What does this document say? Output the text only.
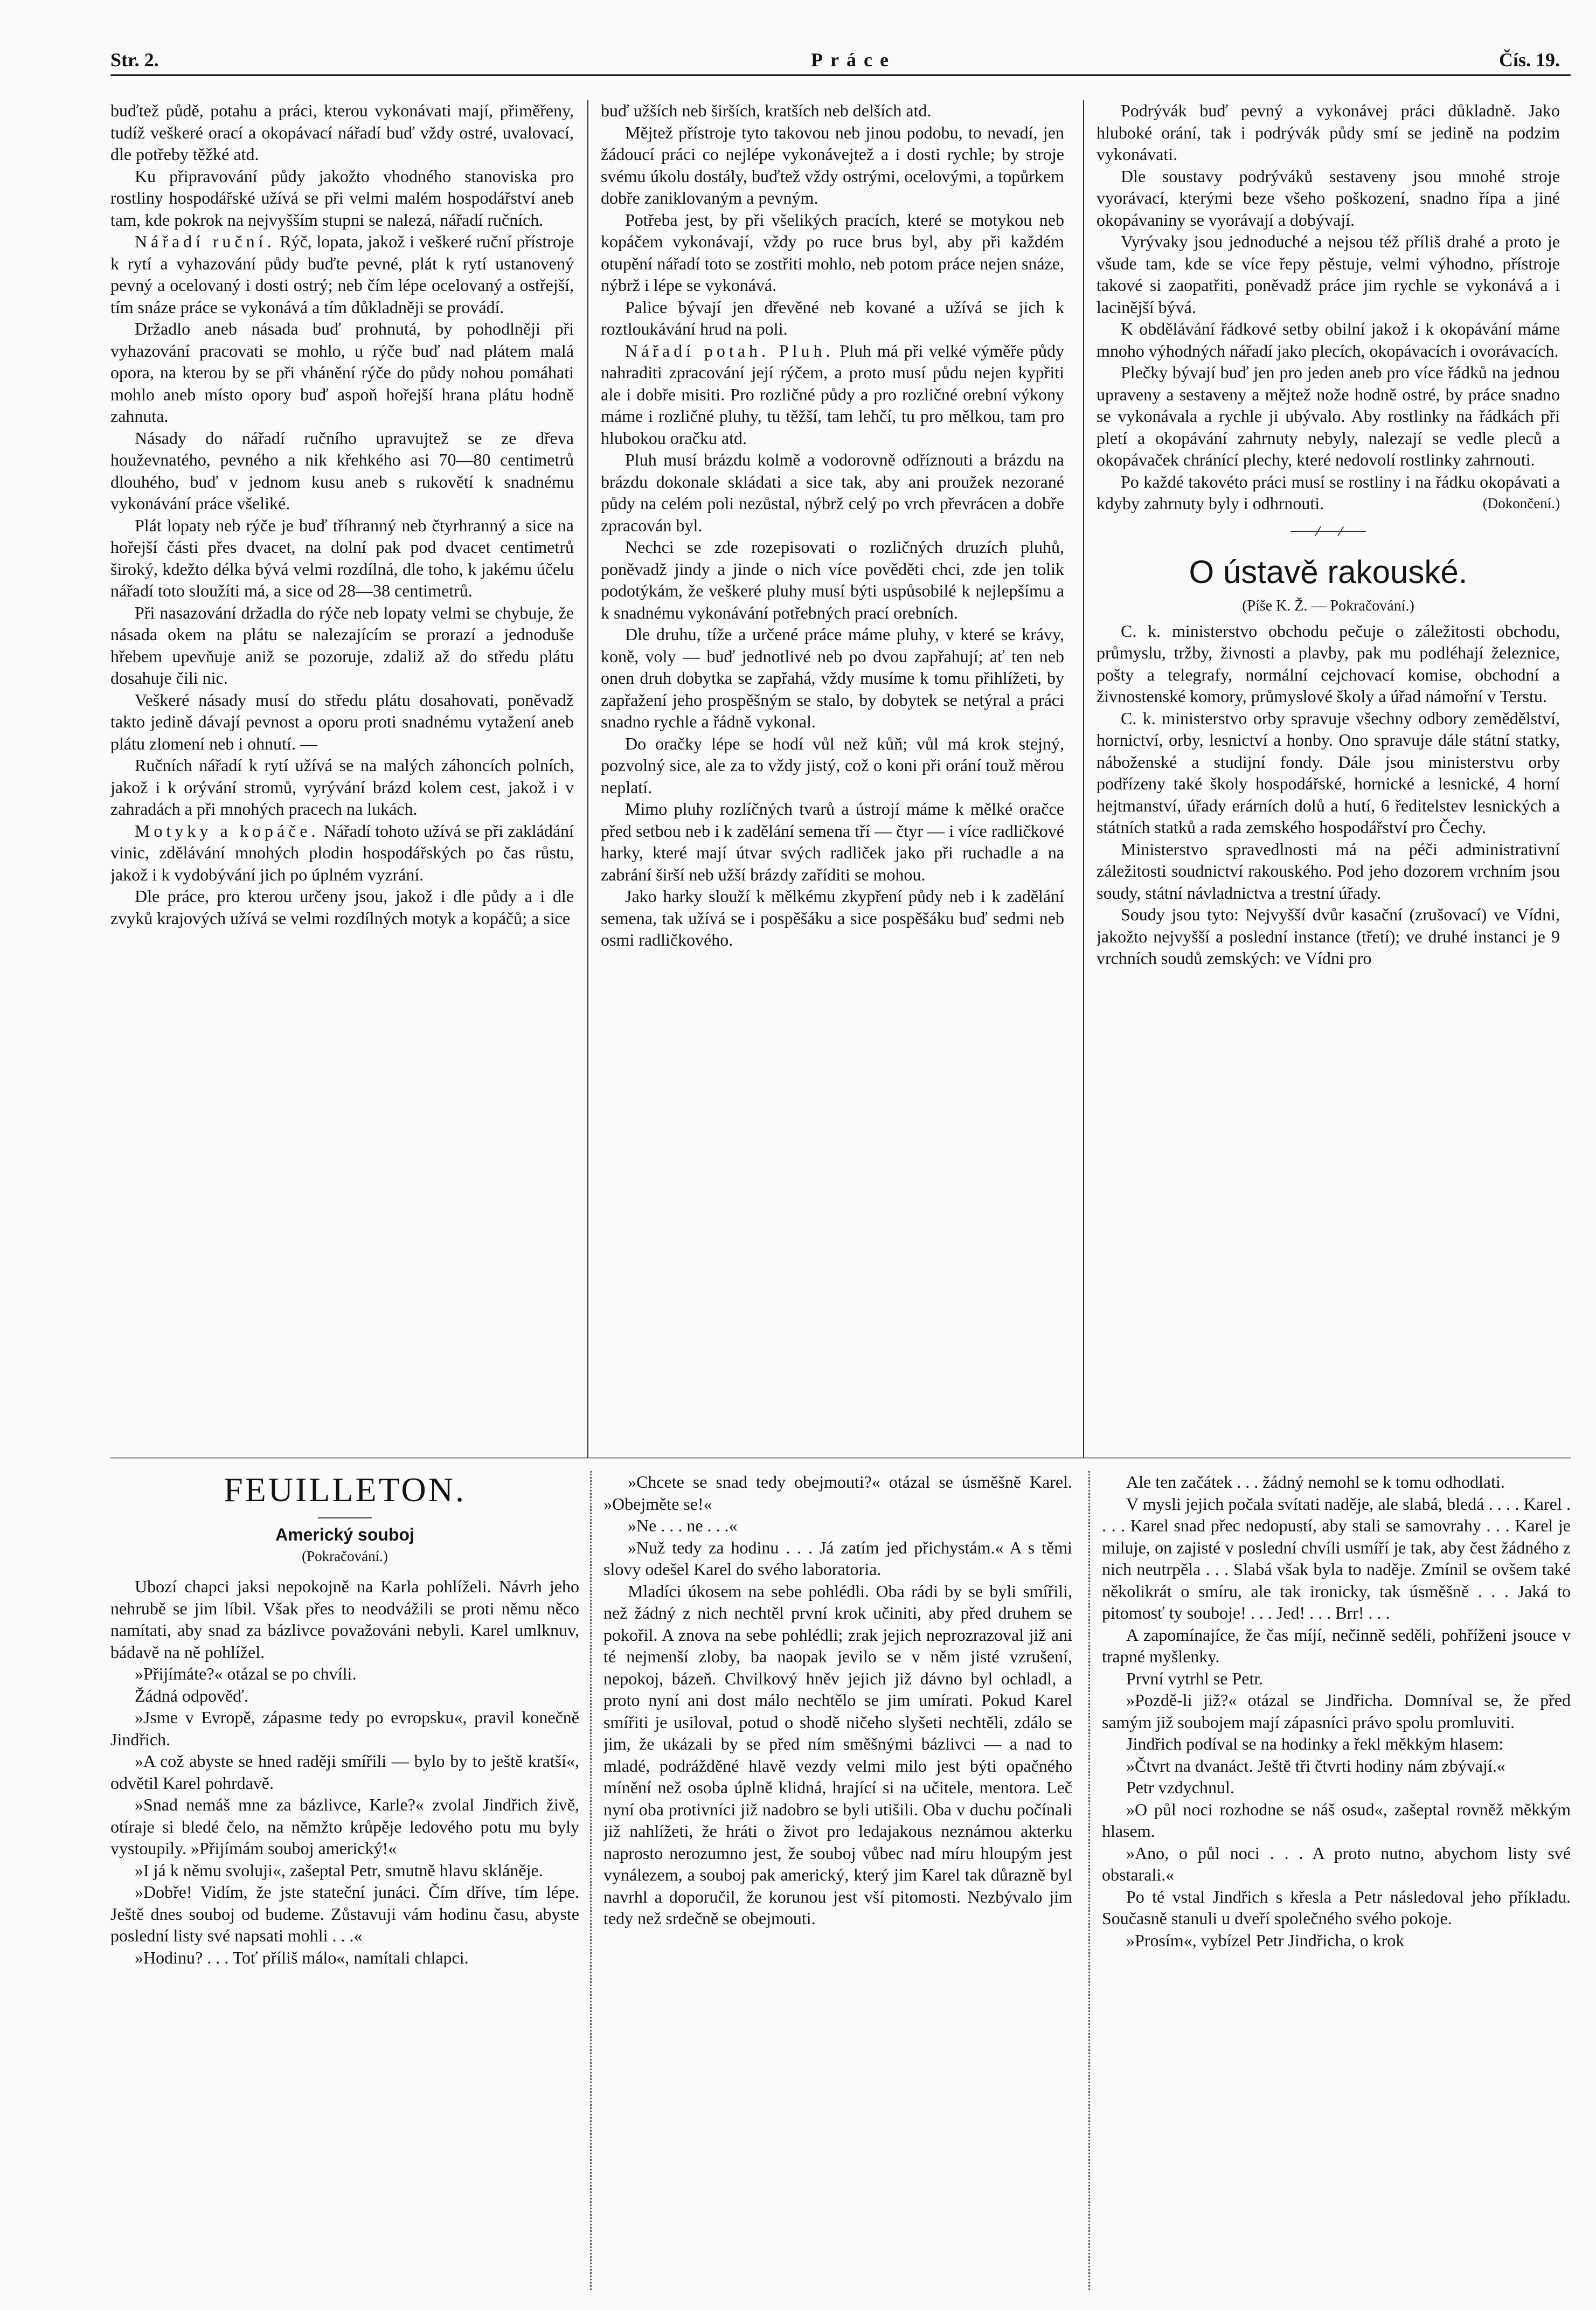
Str. 2.	Práce	Čís. 19.

buďtež půdě, potahu a práci, kterou vykonávati mají, přiměřeny, tudíž veškeré orací a okopávací nářadí buď vždy ostré, uvalovací, dle potřeby těžké atd.

Ku připravování půdy jakožto vhodného stanoviska pro rostliny hospodářské užívá se při velmi malém hospodářství aneb tam, kde pokrok na nejvyšším stupni se nalezá, nářadí ručních.

Nářadí ruční. Rýč, lopata, jakož i veškeré ruční přístroje k rytí a vyhazování půdy buďte pevné, plát k rytí ustanovený pevný a ocelovaný i dosti ostrý; neb čím lépe ocelovaný a ostřejší, tím snáze práce se vykonává a tím důkladněji se provádí.

Držadlo aneb násada buď prohnutá, by pohodlněji při vyhazování pracovati se mohlo, u rýče buď nad plátem malá opora, na kterou by se při vhánění rýče do půdy nohou pomáhati mohlo aneb místo opory buď aspoň hořejší hrana plátu hodně zahnuta.

Násady do nářadí ručního upravujtež se ze dřeva houževnatého, pevného a nik křehkého asi 70—80 centimetrů dlouhého, buď v jednom kusu aneb s rukovětí k snadnému vykonávání práce všeliké.

Plát lopaty neb rýče je buď tříhranný neb čtyrhranný a sice na hořejší části přes dvacet, na dolní pak pod dvacet centimetrů široký, kdežto délka bývá velmi rozdílná, dle toho, k jakému účelu nářadí toto sloužíti má, a sice od 28—38 centimetrů.

Při nasazování držadla do rýče neb lopaty velmi se chybuje, že násada okem na plátu se nalezajícím se prorazí a jednoduše hřebem upevňuje aniž se pozoruje, zdaliž až do středu plátu dosahuje čili nic.

Veškeré násady musí do středu plátu dosahovati, poněvadž takto jedině dávají pevnost a oporu proti snadnému vytažení aneb plátu zlomení neb i ohnutí. —

Ručních nářadí k rytí užívá se na malých záhoncích polních, jakož i k orývání stromů, vyrývání brázd kolem cest, jakož i v zahradách a při mnohých pracech na lukách.

Motyky a kopáče. Nářadí tohoto užívá se při zakládání vinic, zdělávání mnohých plodin hospodářských po čas růstu, jakož i k vydobývání jich po úplném vyzrání.

Dle práce, pro kterou určeny jsou, jakož i dle půdy a i dle zvyků krajových užívá se velmi rozdílných motyk a kopáčů; a sice

buď užších neb širších, kratších neb delších atd.

Mějtež přístroje tyto takovou neb jinou podobu, to nevadí, jen žádoucí práci co nejlépe vykonávejtež a i dosti rychle; by stroje svému úkolu dostály, buďtež vždy ostrými, ocelovými, a topůrkem dobře zaniklovaným a pevným.

Potřeba jest, by při všelikých pracích, které se motykou neb kopáčem vykonávají, vždy po ruce brus byl, aby při každém otupění nářadí toto se zostřiti mohlo, neb potom práce nejen snáze, nýbrž i lépe se vykonává.

Palice bývají jen dřevěné neb kované a užívá se jich k roztloukávání hrud na poli.

Nářadí potah. Pluh. Pluh má při velké výměře půdy nahraditi zpracování její rýčem, a proto musí půdu nejen kypřiti ale i dobře misiti. Pro rozličné půdy a pro rozličné orební výkony máme i rozličné pluhy, tu těžší, tam lehčí, tu pro mělkou, tam pro hlubokou oračku atd.

Pluh musí brázdu kolmě a vodorovně odříznouti a brázdu na brázdu dokonale skládati a sice tak, aby ani proužek nezorané půdy na celém poli nezůstal, nýbrž celý po vrch převrácen a dobře zpracován byl.

Nechci se zde rozepisovati o rozličných druzích pluhů, poněvadž jindy a jinde o nich více pověděti chci, zde jen tolik podotýkám, že veškeré pluhy musí býti uspůsobilé k nejlepšímu a k snadnému vykonávání potřebných prací orebních.

Dle druhu, tíže a určené práce máme pluhy, v které se krávy, koně, voly — buď jednotlivé neb po dvou zapřahují; ať ten neb onen druh dobytka se zapřahá, vždy musíme k tomu přihlížeti, by zapřažení jeho prospěšným se stalo, by dobytek se netýral a práci snadno rychle a řádně vykonal.

Do oračky lépe se hodí vůl než kůň; vůl má krok stejný, pozvolný sice, ale za to vždy jistý, což o koni při orání touž měrou neplatí.

Mimo pluhy rozlíčných tvarů a ústrojí máme k mělké oračce před setbou neb i k zadělání semena tří — čtyr — i více radličkové harky, které mají útvar svých radliček jako při ruchadle a na zabrání širší neb užší brázdy zaříditi se mohou.

Jako harky slouží k mělkému zkypření půdy neb i k zadělání semena, tak užívá se i pospěšáku a sice pospěšáku buď sedmi neb osmi radličkového.

Podrývák buď pevný a vykonávej práci důkladně. Jako hluboké orání, tak i podrývák půdy smí se jedině na podzim vykonávati.

Dle soustavy podrýváků sestaveny jsou mnohé stroje vyorávací, kterými beze všeho poškození, snadno řípa a jiné okopávaniny se vyorávají a dobývají.

Vyrývaky jsou jednoduché a nejsou též příliš drahé a proto je všude tam, kde se více řepy pěstuje, velmi výhodno, přístroje takové si zaopatřiti, poněvadž práce jim rychle se vykonává a i lacinější bývá.

K obdělávání řádkové setby obilní jakož i k okopávání máme mnoho výhodných nářadí jako plecích, okopávacích i ovorávacích.

Plečky bývají buď jen pro jeden aneb pro více řádků na jednou upraveny a sestaveny a mějtež nože hodně ostré, by práce snadno se vykonávala a rychle ji ubývalo. Aby rostlinky na řádkách při pletí a okopávání zahrnuty nebyly, nalezají se vedle pleců a okopávaček chránící plechy, které nedovolí rostlinky zahrnouti.

Po každé takovéto práci musí se rostliny i na řádku okopávati a kdyby zahrnuty byly i odhrnouti.	(Dokončení.)

O ústavě rakouské.
(Píše K. Ž. — Pokračování.)

C. k. ministerstvo obchodu pečuje o záležitosti obchodu, průmyslu, tržby, živnosti a plavby, pak mu podléhají železnice, pošty a telegrafy, normální cejchovací komise, obchodní a živnostenské komory, průmyslové školy a úřad námořní v Terstu.

C. k. ministerstvo orby spravuje všechny odbory zemědělství, hornictví, orby, lesnictví a honby. Ono spravuje dále státní statky, náboženské a studijní fondy. Dále jsou ministerstvu orby podřízeny také školy hospodářské, hornické a lesnické, 4 horní hejtmanství, úřady erárních dolů a hutí, 6 ředitelstev lesnických a státních statků a rada zemského hospodářství pro Čechy.

Ministerstvo spravedlnosti má na péči administrativní záležitosti soudnictví rakouského. Pod jeho dozorem vrchním jsou soudy, státní návladnictva a trestní úřady.

Soudy jsou tyto: Nejvyšší dvůr kasační (zrušovací) ve Vídni, jakožto nejvyšší a poslední instance (třetí); ve druhé instanci je 9 vrchních soudů zemských: ve Vídni pro

FEUILLETON.
Americký souboj
(Pokračování.)

Ubozí chapci jaksi nepokojně na Karla pohlíželi. Návrh jeho nehrubě se jim líbil. Však přes to neodvážili se proti němu něco namítati, aby snad za bázlivce považováni nebyli. Karel umlknuv, bádavě na ně pohlížel.

»Přijímáte?« otázal se po chvíli.

Žádná odpověď.

»Jsme v Evropě, zápasme tedy po evropsku«, pravil konečně Jindřich.

»A což abyste se hned raději smířili — bylo by to ještě kratší«, odvětil Karel pohrdavě.

»Snad nemáš mne za bázlivce, Karle?« zvolal Jindřich živě, otíraje si bledé čelo, na němžto krůpěje ledového potu mu byly vystoupily. »Přijímám souboj americký!«

»I já k němu svoluji«, zašeptal Petr, smutně hlavu skláněje.

»Dobře! Vidím, že jste stateční junáci. Čím dříve, tím lépe. Ještě dnes souboj od budeme. Zůstavuji vám hodinu času, abyste poslední listy své napsati mohli . . .«

»Hodinu? . . . Toť příliš málo«, namítali chlapci.

»Chcete se snad tedy obejmouti?« otázal se úsměšně Karel. »Obejměte se!«

»Ne . . . ne . . .«

»Nuž tedy za hodinu . . . Já zatím jed přichystám.« A s těmi slovy odešel Karel do svého laboratoria.

Mladíci úkosem na sebe pohlédli. Oba rádi by se byli smířili, než žádný z nich nechtěl první krok učiniti, aby před druhem se pokořil. A znova na sebe pohlédli; zrak jejich neprozrazoval již ani té nejmenší zloby, ba naopak jevilo se v něm jisté vzrušení, nepokoj, bázeň. Chvilkový hněv jejich již dávno byl ochladl, a proto nyní ani dost málo nechtělo se jim umírati. Pokud Karel smířiti je usiloval, potud o shodě ničeho slyšeti nechtěli, zdálo se jim, že ukázali by se před ním směšnými bázlivci — a nad to mladé, podrážděné hlavě vezdy velmi milo jest býti opačného mínění než osoba úplně klidná, hrající si na učitele, mentora. Leč nyní oba protivníci již nadobro se byli utišili. Oba v duchu počínali již nahlížeti, že hráti o život pro ledajakous neznámou akterku naprosto nerozumno jest, že souboj vůbec nad míru hloupým jest vynálezem, a souboj pak americký, který jim Karel tak důrazně byl navrhl a doporučil, že korunou jest vší pitomosti. Nezbývalo jim tedy než srdečně se obejmouti.

Ale ten začátek . . . žádný nemohl se k tomu odhodlati.

V mysli jejich počala svítati naděje, ale slabá, bledá . . . . Karel . . . . Karel snad přec nedopustí, aby stali se samovrahy . . . Karel je miluje, on zajisté v poslední chvíli usmíří je tak, aby čest žádného z nich neutrpěla . . . Slabá však byla to naděje. Zmínil se ovšem také několikrát o smíru, ale tak ironicky, tak úsměšně . . . Jaká to pitomosť ty souboje! . . . Jed! . . . Brr! . . .

A zapomínajíce, že čas míjí, nečinně seděli, pohříženi jsouce v trapné myšlenky.

První vytrhl se Petr.

»Pozdě-li již?« otázal se Jindřicha. Domníval se, že před samým již soubojem mají zápasníci právo spolu promluviti.

Jindřich podíval se na hodinky a řekl měkkým hlasem:

»Čtvrt na dvanáct. Ještě tři čtvrti hodiny nám zbývají.«

Petr vzdychnul.

»O půl noci rozhodne se náš osud«, zašeptal rovněž měkkým hlasem.

»Ano, o půl noci . . . A proto nutno, abychom listy své obstarali.«

Po té vstal Jindřich s křesla a Petr následoval jeho příkladu. Současně stanuli u dveří společného svého pokoje.

»Prosím«, vybízel Petr Jindřicha, o krok
